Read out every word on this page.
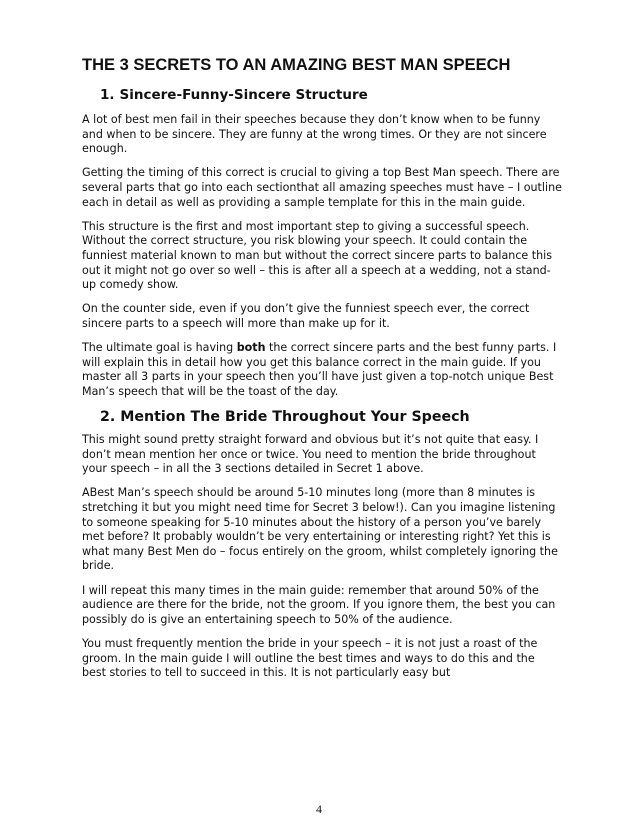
THE 3 SECRETS TO AN AMAZING BEST MAN SPEECH
1. Sincere-Funny-Sincere Structure

A lot of best men fail in their speeches because they don’t know when to be funny and when to be sincere. They are funny at the wrong times. Or they are not sincere enough.

Getting the timing of this correct is crucial to giving a top Best Man speech. There are several parts that go into each sectionthat all amazing speeches must have – I outline each in detail as well as providing a sample template for this in the main guide.

This structure is the first and most important step to giving a successful speech. Without the correct structure, you risk blowing your speech. It could contain the funniest material known to man but without the correct sincere parts to balance this out it might not go over so well – this is after all a speech at a wedding, not a stand-up comedy show.

On the counter side, even if you don’t give the funniest speech ever, the correct sincere parts to a speech will more than make up for it.

The ultimate goal is having both the correct sincere parts and the best funny parts. I will explain this in detail how you get this balance correct in the main guide. If you master all 3 parts in your speech then you’ll have just given a top-notch unique Best Man’s speech that will be the toast of the day.

2. Mention The Bride Throughout Your Speech

This might sound pretty straight forward and obvious but it’s not quite that easy. I don’t mean mention her once or twice. You need to mention the bride throughout your speech – in all the 3 sections detailed in Secret 1 above.

ABest Man’s speech should be around 5-10 minutes long (more than 8 minutes is stretching it but you might need time for Secret 3 below!). Can you imagine listening to someone speaking for 5-10 minutes about the history of a person you’ve barely met before? It probably wouldn’t be very entertaining or interesting right? Yet this is what many Best Men do – focus entirely on the groom, whilst completely ignoring the bride.

I will repeat this many times in the main guide: remember that around 50% of the audience are there for the bride, not the groom. If you ignore them, the best you can possibly do is give an entertaining speech to 50% of the audience.

You must frequently mention the bride in your speech – it is not just a roast of the groom. In the main guide I will outline the best times and ways to do this and the best stories to tell to succeed in this. It is not particularly easy but

4
